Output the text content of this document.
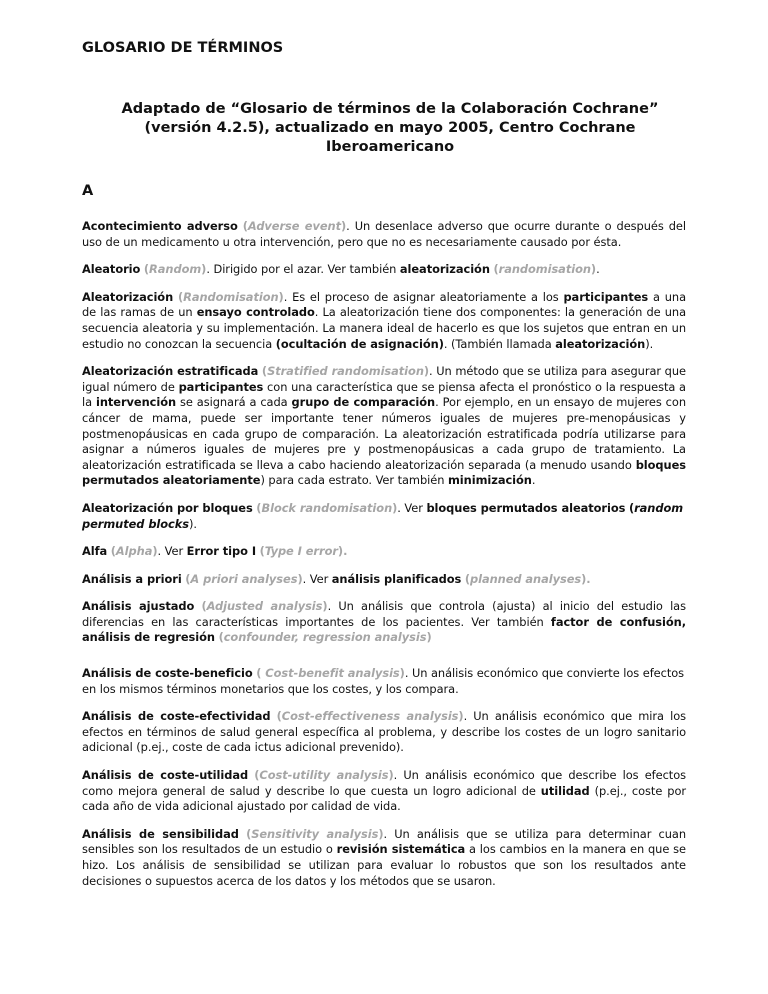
GLOSARIO DE TÉRMINOS
Adaptado de “Glosario de términos de la Colaboración Cochrane”
(versión 4.2.5), actualizado en mayo 2005, Centro Cochrane
Iberoamericano
A

Acontecimiento adverso (Adverse event). Un desenlace adverso que ocurre durante o después del uso de un medicamento u otra intervención, pero que no es necesariamente causado por ésta.

Aleatorio (Random). Dirigido por el azar. Ver también aleatorización (randomisation).

Aleatorización (Randomisation). Es el proceso de asignar aleatoriamente a los participantes a una de las ramas de un ensayo controlado. La aleatorización tiene dos componentes: la generación de una secuencia aleatoria y su implementación. La manera ideal de hacerlo es que los sujetos que entran en un estudio no conozcan la secuencia (ocultación de asignación). (También llamada aleatorización).

Aleatorización estratificada (Stratified randomisation). Un método que se utiliza para asegurar que igual número de participantes con una característica que se piensa afecta el pronóstico o la respuesta a la intervención se asignará a cada grupo de comparación. Por ejemplo, en un ensayo de mujeres con cáncer de mama, puede ser importante tener números iguales de mujeres pre-menopáusicas y postmenopáusicas en cada grupo de comparación. La aleatorización estratificada podría utilizarse para asignar a números iguales de mujeres pre y postmenopáusicas a cada grupo de tratamiento. La aleatorización estratificada se lleva a cabo haciendo aleatorización separada (a menudo usando bloques permutados aleatoriamente) para cada estrato. Ver también minimización.

Aleatorización por bloques (Block randomisation). Ver bloques permutados aleatorios (random permuted blocks).

Alfa (Alpha). Ver Error tipo I (Type I error).

Análisis a priori (A priori analyses). Ver análisis planificados (planned analyses).

Análisis ajustado (Adjusted analysis). Un análisis que controla (ajusta) al inicio del estudio las diferencias en las características importantes de los pacientes. Ver también factor de confusión, análisis de regresión (confounder, regression analysis)

Análisis de coste-beneficio ( Cost-benefit analysis). Un análisis económico que convierte los efectos en los mismos términos monetarios que los costes, y los compara.

Análisis de coste-efectividad (Cost-effectiveness analysis). Un análisis económico que mira los efectos en términos de salud general específica al problema, y describe los costes de un logro sanitario adicional (p.ej., coste de cada ictus adicional prevenido).

Análisis de coste-utilidad (Cost-utility analysis). Un análisis económico que describe los efectos como mejora general de salud y describe lo que cuesta un logro adicional de utilidad (p.ej., coste por cada año de vida adicional ajustado por calidad de vida.

Análisis de sensibilidad (Sensitivity analysis). Un análisis que se utiliza para determinar cuan sensibles son los resultados de un estudio o revisión sistemática a los cambios en la manera en que se hizo. Los análisis de sensibilidad se utilizan para evaluar lo robustos que son los resultados ante decisiones o supuestos acerca de los datos y los métodos que se usaron.
